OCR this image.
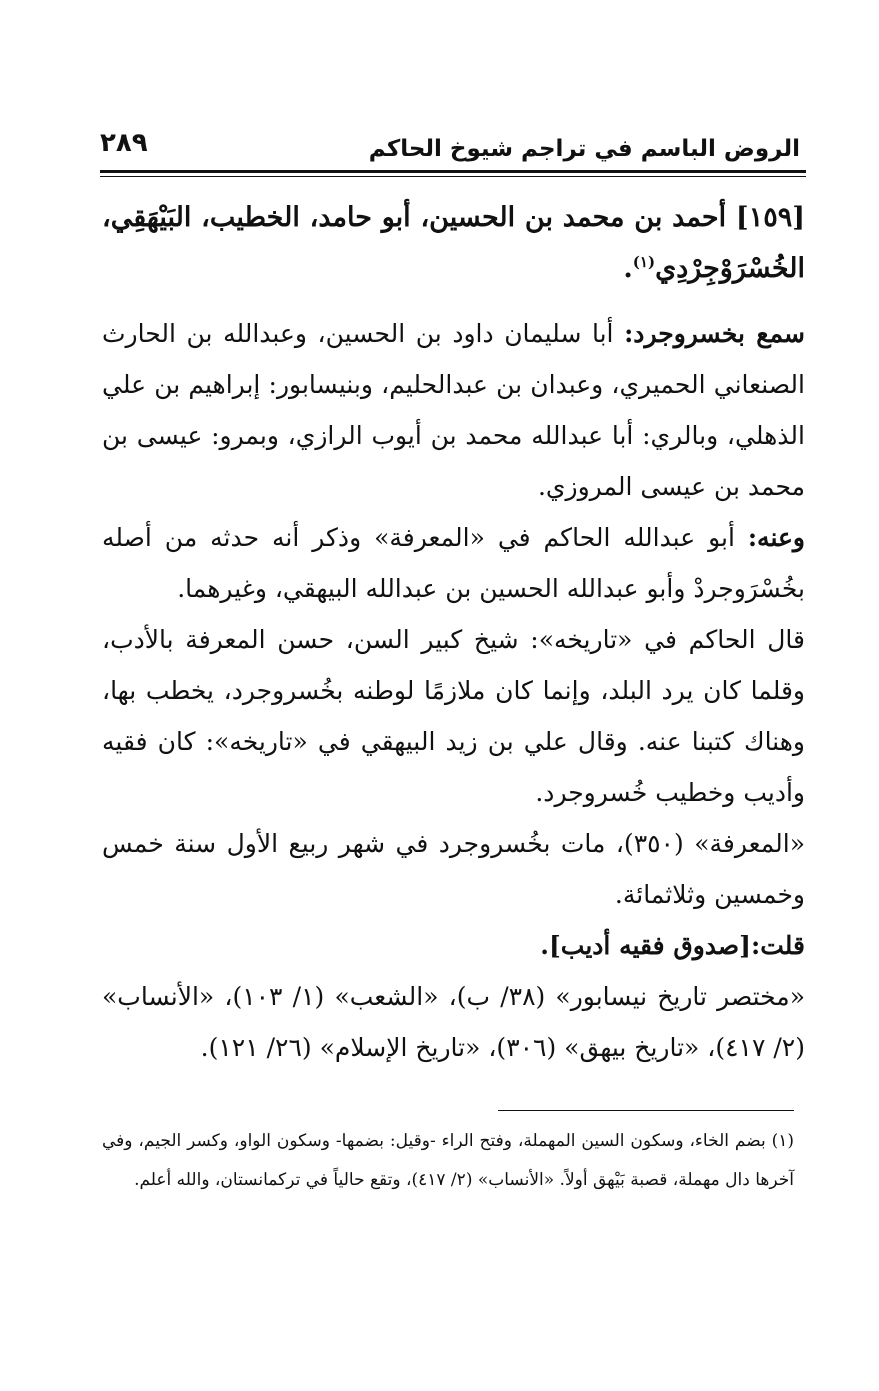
الروض الباسم في تراجم شيوخ الحاكم
٢٨٩

[١٥٩] أحمد بن محمد بن الحسين، أبو حامد، الخطيب، البَيْهَقِي، الخُسْرَوْجِرْدِي$^{(١)}$.

سمع بخسروجرد: أبا سليمان داود بن الحسين، وعبدالله بن الحارث الصنعاني الحميري، وعبدان بن عبدالحليم، وبنيسابور: إبراهيم بن علي الذهلي، وبالري: أبا عبدالله محمد بن أيوب الرازي، وبمرو: عيسى بن محمد بن عيسى المروزي.

وعنه: أبو عبدالله الحاكم في «المعرفة» وذكر أنه حدثه من أصله بخُسْرَوجردْ وأبو عبدالله الحسين بن عبدالله البيهقي، وغيرهما.

قال الحاكم في «تاريخه»: شيخ كبير السن، حسن المعرفة بالأدب، وقلما كان يرد البلد، وإنما كان ملازمًا لوطنه بخُسروجرد، يخطب بها، وهناك كتبنا عنه. وقال علي بن زيد البيهقي في «تاريخه»: كان فقيه وأديب وخطيب خُسروجرد.

«المعرفة» (٣٥٠)، مات بخُسروجرد في شهر ربيع الأول سنة خمس وخمسين وثلاثمائة.

قلت:[صدوق فقيه أديب].

«مختصر تاريخ نيسابور» (٣٨/ ب)، «الشعب» (١/ ١٠٣)، «الأنساب» (٢/ ٤١٧)، «تاريخ بيهق» (٣٠٦)، «تاريخ الإسلام» (٢٦/ ١٢١).

(١) بضم الخاء، وسكون السين المهملة، وفتح الراء -وقيل: بضمها- وسكون الواو، وكسر الجيم، وفي آخرها دال مهملة، قصبة بَيْهق أولاً. «الأنساب» (٢/ ٤١٧)، وتقع حالياً في تركمانستان، والله أعلم.
